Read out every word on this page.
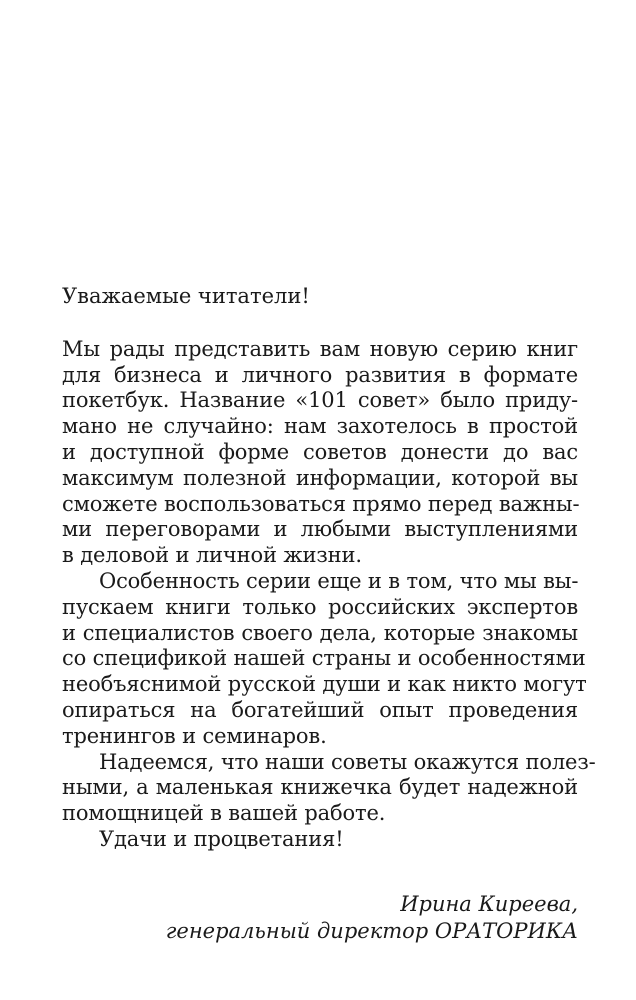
Уважаемые читатели!
Мы рады представить вам новую серию книг
для бизнеса и личного развития в формате
покетбук. Название «101 совет» было приду-
мано не случайно: нам захотелось в простой
и доступной форме советов донести до вас
максимум полезной информации, которой вы
сможете воспользоваться прямо перед важны-
ми переговорами и любыми выступлениями
в деловой и личной жизни.
Особенность серии еще и в том, что мы вы-
пускаем книги только российских экспертов
и специалистов своего дела, которые знакомы
со спецификой нашей страны и особенностями
необъяснимой русской души и как никто могут
опираться на богатейший опыт проведения
тренингов и семинаров.
Надеемся, что наши советы окажутся полез-
ными, а маленькая книжечка будет надежной
помощницей в вашей работе.
Удачи и процветания!
Ирина Киреева,
генеральный директор ОРАТОРИКА
